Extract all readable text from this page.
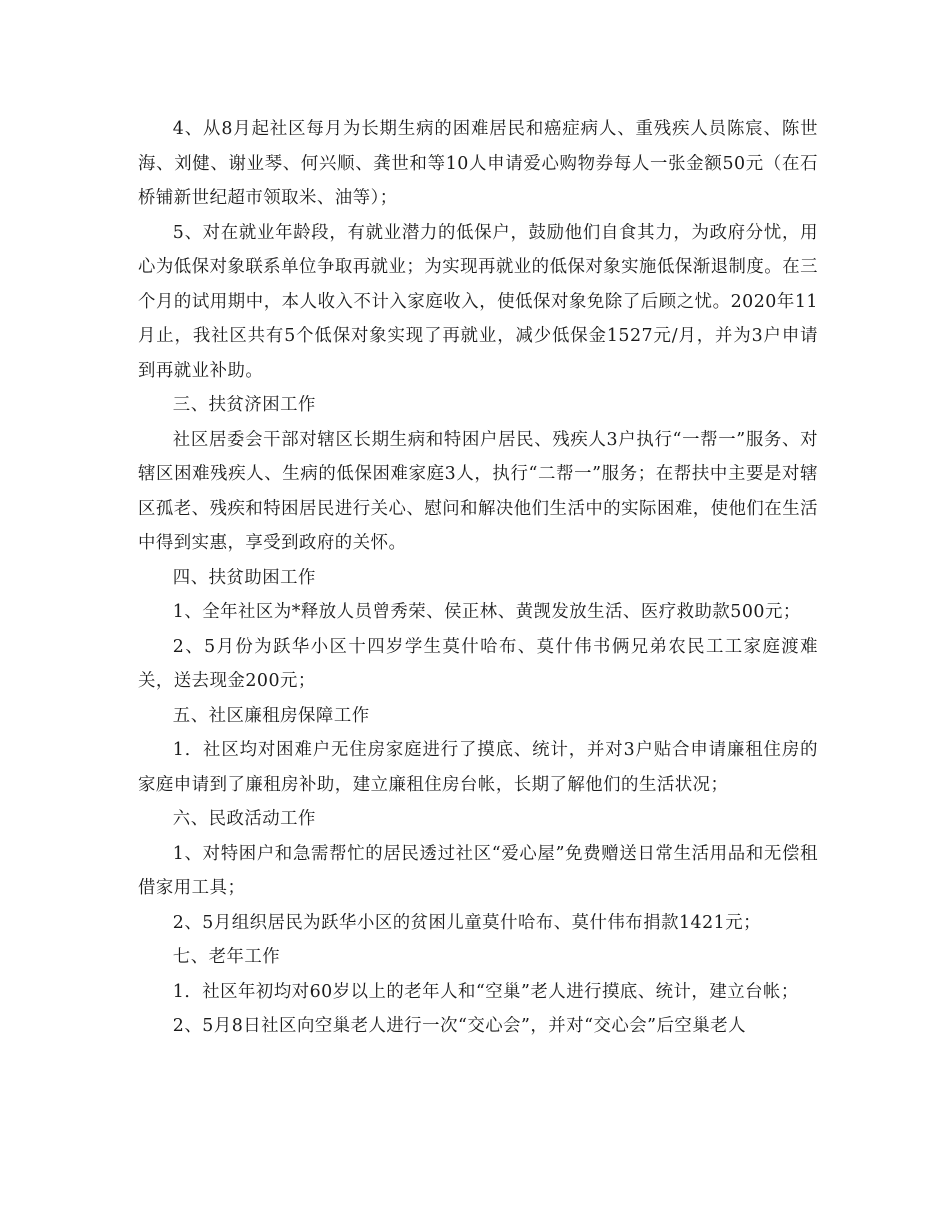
4、从8月起社区每月为长期生病的困难居民和癌症病人、重残疾人员陈宸、陈世海、刘健、谢业琴、何兴顺、龚世和等10人申请爱心购物券每人一张金额50元（在石桥铺新世纪超市领取米、油等）；

5、对在就业年龄段，有就业潜力的低保户，鼓励他们自食其力，为政府分忧，用心为低保对象联系单位争取再就业；为实现再就业的低保对象实施低保渐退制度。在三个月的试用期中，本人收入不计入家庭收入，使低保对象免除了后顾之忧。2020年11月止，我社区共有5个低保对象实现了再就业，减少低保金1527元/月，并为3户申请到再就业补助。

三、扶贫济困工作

社区居委会干部对辖区长期生病和特困户居民、残疾人3户执行“一帮一”服务、对辖区困难残疾人、生病的低保困难家庭3人，执行“二帮一”服务；在帮扶中主要是对辖区孤老、残疾和特困居民进行关心、慰问和解决他们生活中的实际困难，使他们在生活中得到实惠，享受到政府的关怀。

四、扶贫助困工作

1、全年社区为*释放人员曾秀荣、侯正林、黄觊发放生活、医疗救助款500元；

2、5月份为跃华小区十四岁学生莫什哈布、莫什伟书俩兄弟农民工工家庭渡难关，送去现金200元；

五、社区廉租房保障工作

1．社区均对困难户无住房家庭进行了摸底、统计，并对3户贴合申请廉租住房的家庭申请到了廉租房补助，建立廉租住房台帐，长期了解他们的生活状况；

六、民政活动工作

1、对特困户和急需帮忙的居民透过社区“爱心屋”免费赠送日常生活用品和无偿租借家用工具；

2、5月组织居民为跃华小区的贫困儿童莫什哈布、莫什伟布捐款1421元；

七、老年工作

1．社区年初均对60岁以上的老年人和“空巢”老人进行摸底、统计，建立台帐；

2、5月8日社区向空巢老人进行一次“交心会”，并对“交心会”后空巢老人
